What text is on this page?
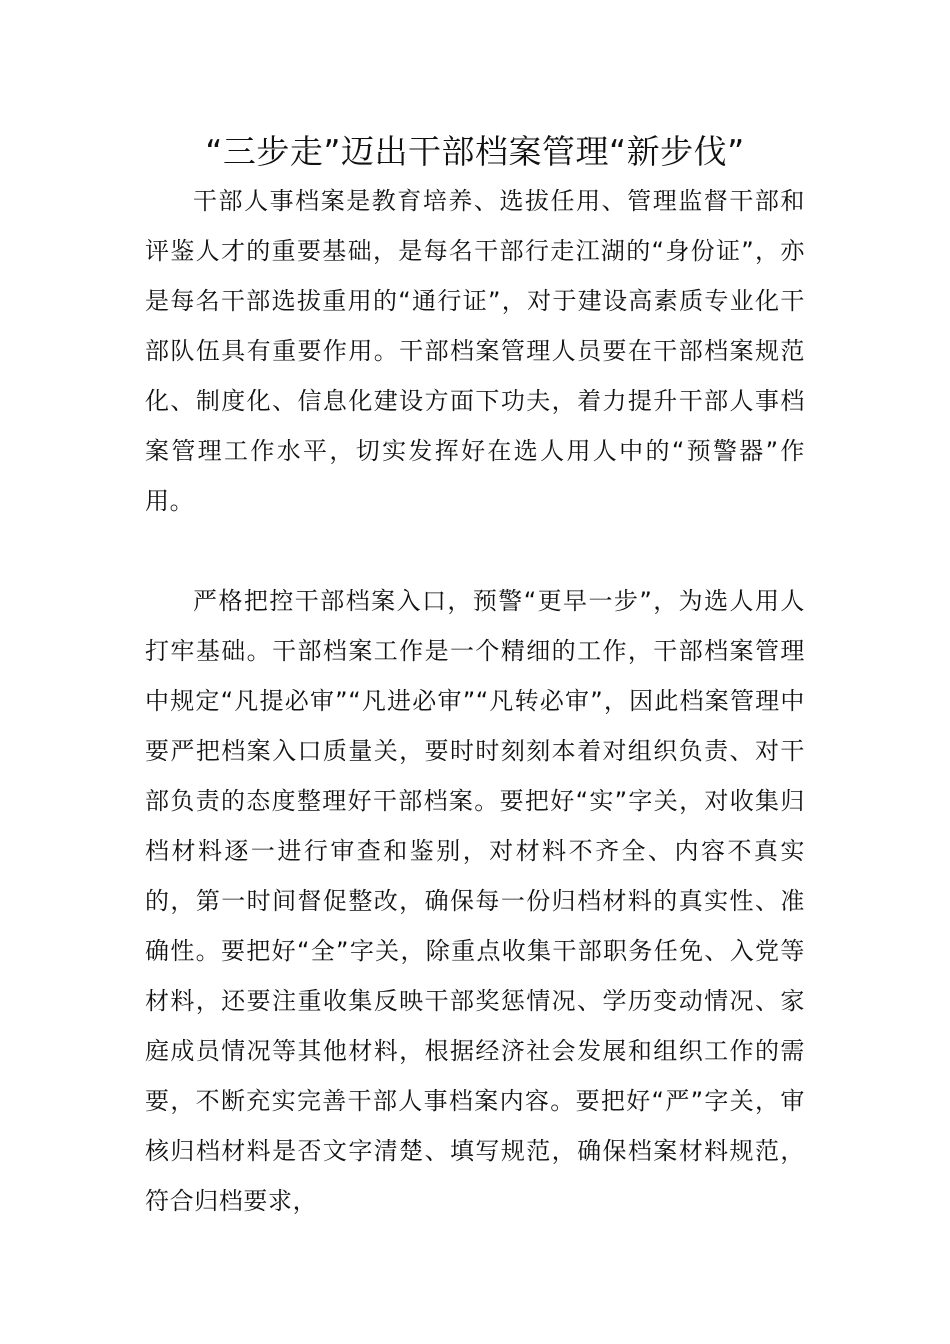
“三步走”迈出干部档案管理“新步伐”

干部人事档案是教育培养、选拔任用、管理监督干部和评鉴人才的重要基础，是每名干部行走江湖的“身份证”，亦是每名干部选拔重用的“通行证”，对于建设高素质专业化干部队伍具有重要作用。干部档案管理人员要在干部档案规范化、制度化、信息化建设方面下功夫，着力提升干部人事档案管理工作水平，切实发挥好在选人用人中的“预警器”作用。

严格把控干部档案入口，预警“更早一步”，为选人用人打牢基础。干部档案工作是一个精细的工作，干部档案管理中规定“凡提必审”“凡进必审”“凡转必审”，因此档案管理中要严把档案入口质量关，要时时刻刻本着对组织负责、对干部负责的态度整理好干部档案。要把好“实”字关，对收集归档材料逐一进行审查和鉴别，对材料不齐全、内容不真实的，第一时间督促整改，确保每一份归档材料的真实性、准确性。要把好“全”字关，除重点收集干部职务任免、入党等材料，还要注重收集反映干部奖惩情况、学历变动情况、家庭成员情况等其他材料，根据经济社会发展和组织工作的需要，不断充实完善干部人事档案内容。要把好“严”字关，审核归档材料是否文字清楚、填写规范，确保档案材料规范，符合归档要求，
